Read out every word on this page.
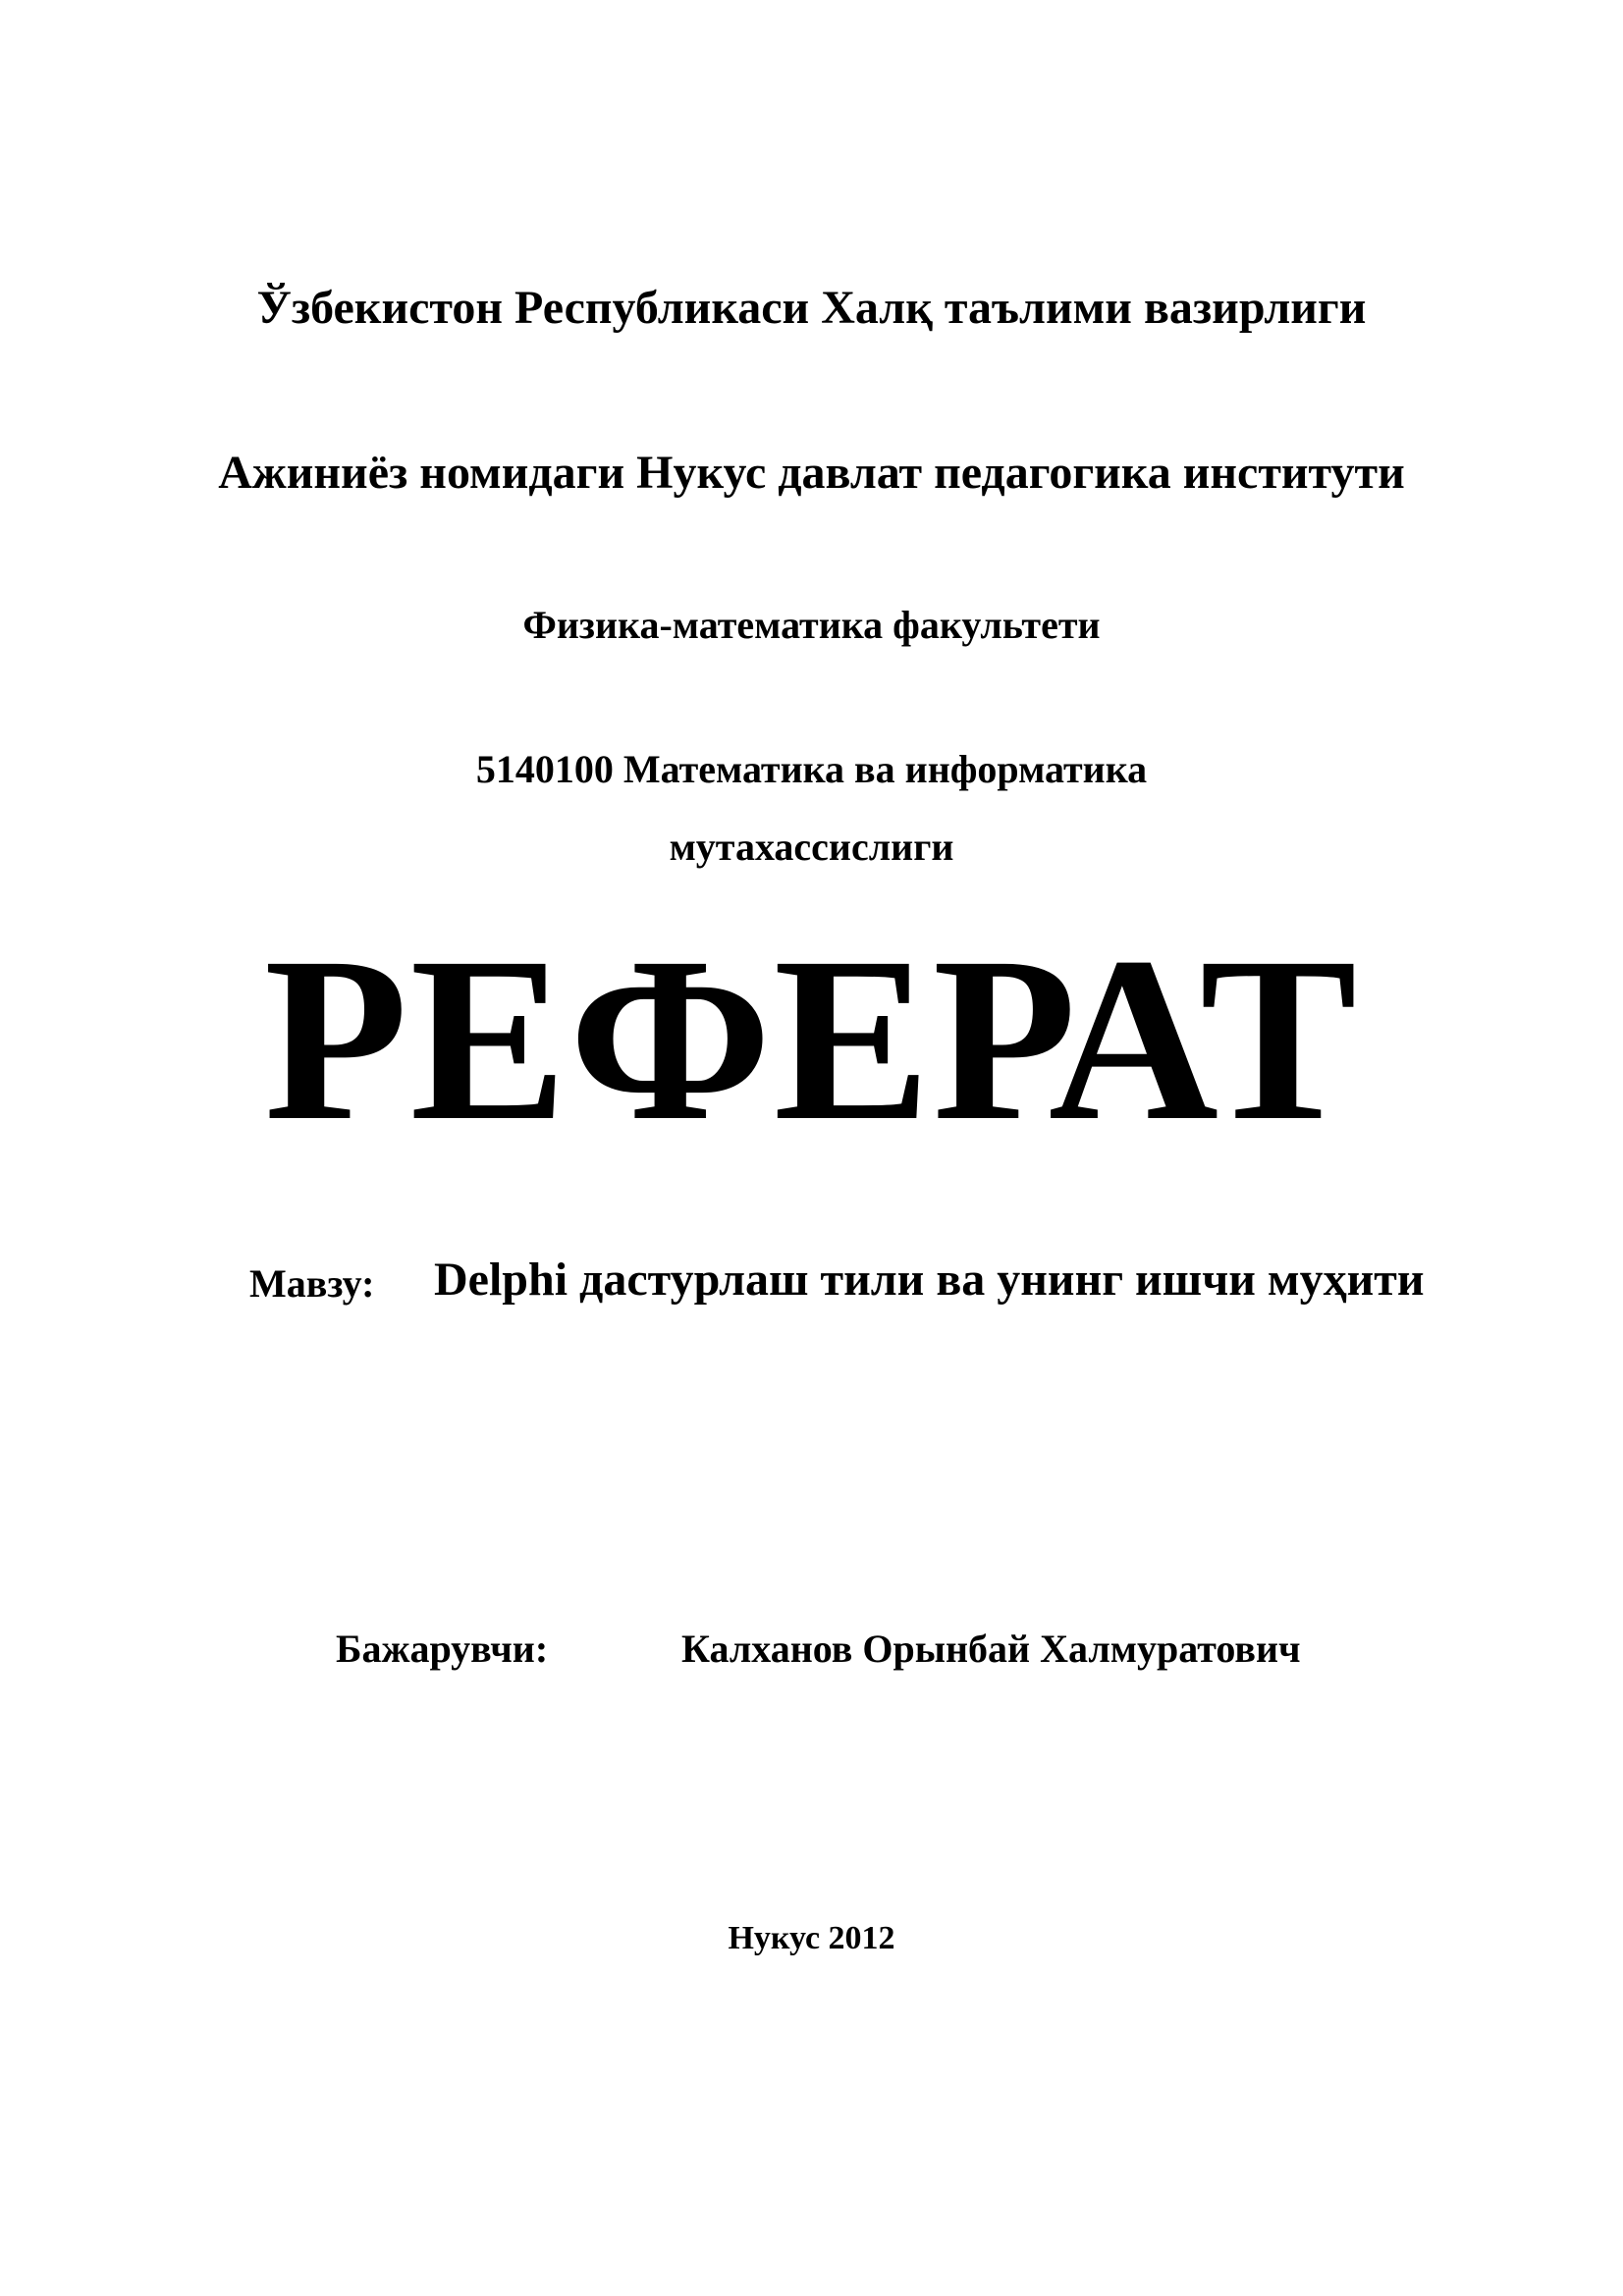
Ўзбекистон Республикаси Халқ таълими вазирлиги
Ажиниёз номидаги Нукус давлат педагогика институти
Физика-математика факультети
5140100 Математика ва информатика
мутахассислиги
РЕФЕРАТ
Мавзу: Delphi дастурлаш тили ва унинг ишчи муҳити
Бажарувчи:	Калханов Орынбай Халмуратович
Нукус 2012
